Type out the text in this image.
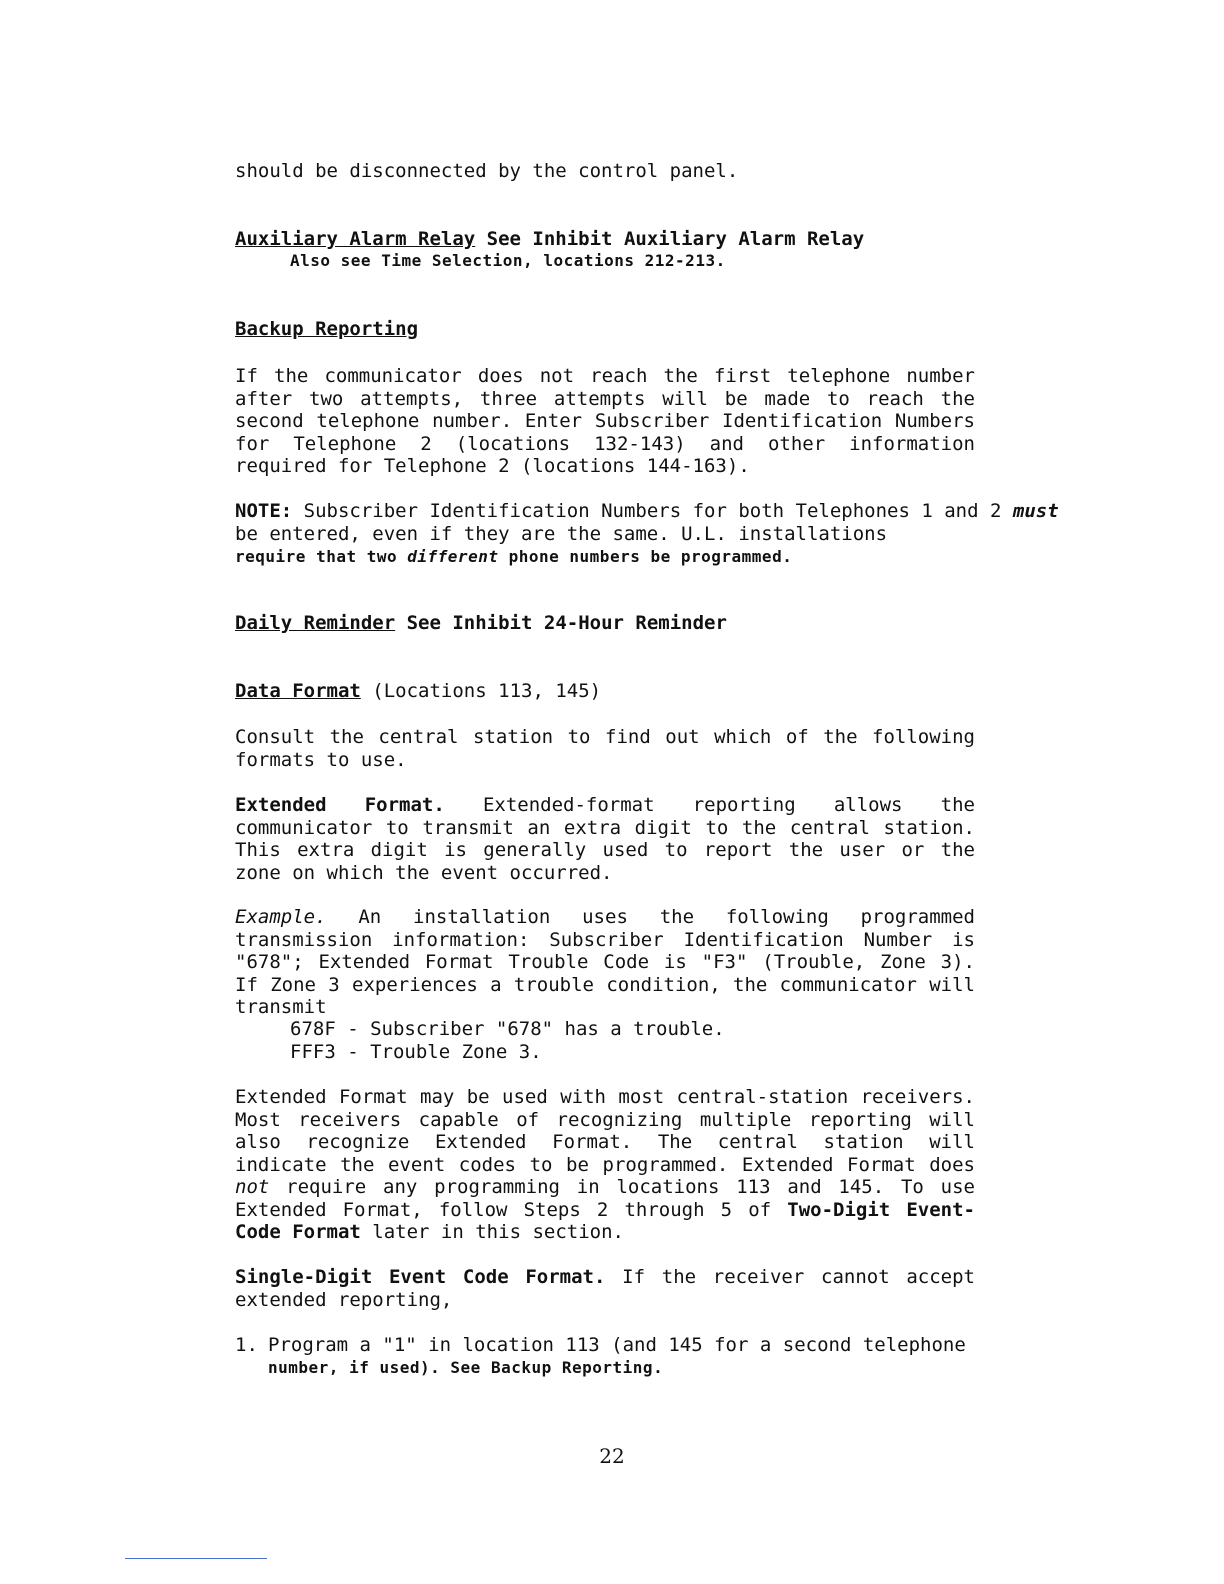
should be disconnected by the control panel.
Auxiliary Alarm Relay See Inhibit Auxiliary Alarm Relay
Also see Time Selection, locations 212-213.
Backup Reporting
If the communicator does not reach the first telephone number after two attempts, three attempts will be made to reach the second telephone number. Enter Subscriber Identification Numbers for Telephone 2 (locations 132-143) and other information required for Telephone 2 (locations 144-163).
NOTE: Subscriber Identification Numbers for both Telephones 1 and 2 must
be entered, even if they are the same. U.L. installations
require that two different phone numbers be programmed.
Daily Reminder See Inhibit 24-Hour Reminder
Data Format (Locations 113, 145)
Consult the central station to find out which of the following formats to use.
Extended Format. Extended-format reporting allows the communicator to transmit an extra digit to the central station. This extra digit is generally used to report the user or the zone on which the event occurred.
Example. An installation uses the following programmed transmission information: Subscriber Identification Number is "678"; Extended Format Trouble Code is "F3" (Trouble, Zone 3). If Zone 3 experiences a trouble condition, the communicator will transmit
678F - Subscriber "678" has a trouble.
FFF3 - Trouble Zone 3.
Extended Format may be used with most central-station receivers. Most receivers capable of recognizing multiple reporting will also recognize Extended Format. The central station will indicate the event codes to be programmed. Extended Format does not require any programming in locations 113 and 145. To use Extended Format, follow Steps 2 through 5 of Two-Digit Event-Code Format later in this section.
Single-Digit Event Code Format. If the receiver cannot accept extended reporting,
1. Program a "1" in location 113 (and 145 for a second telephone
number, if used). See Backup Reporting.
22
